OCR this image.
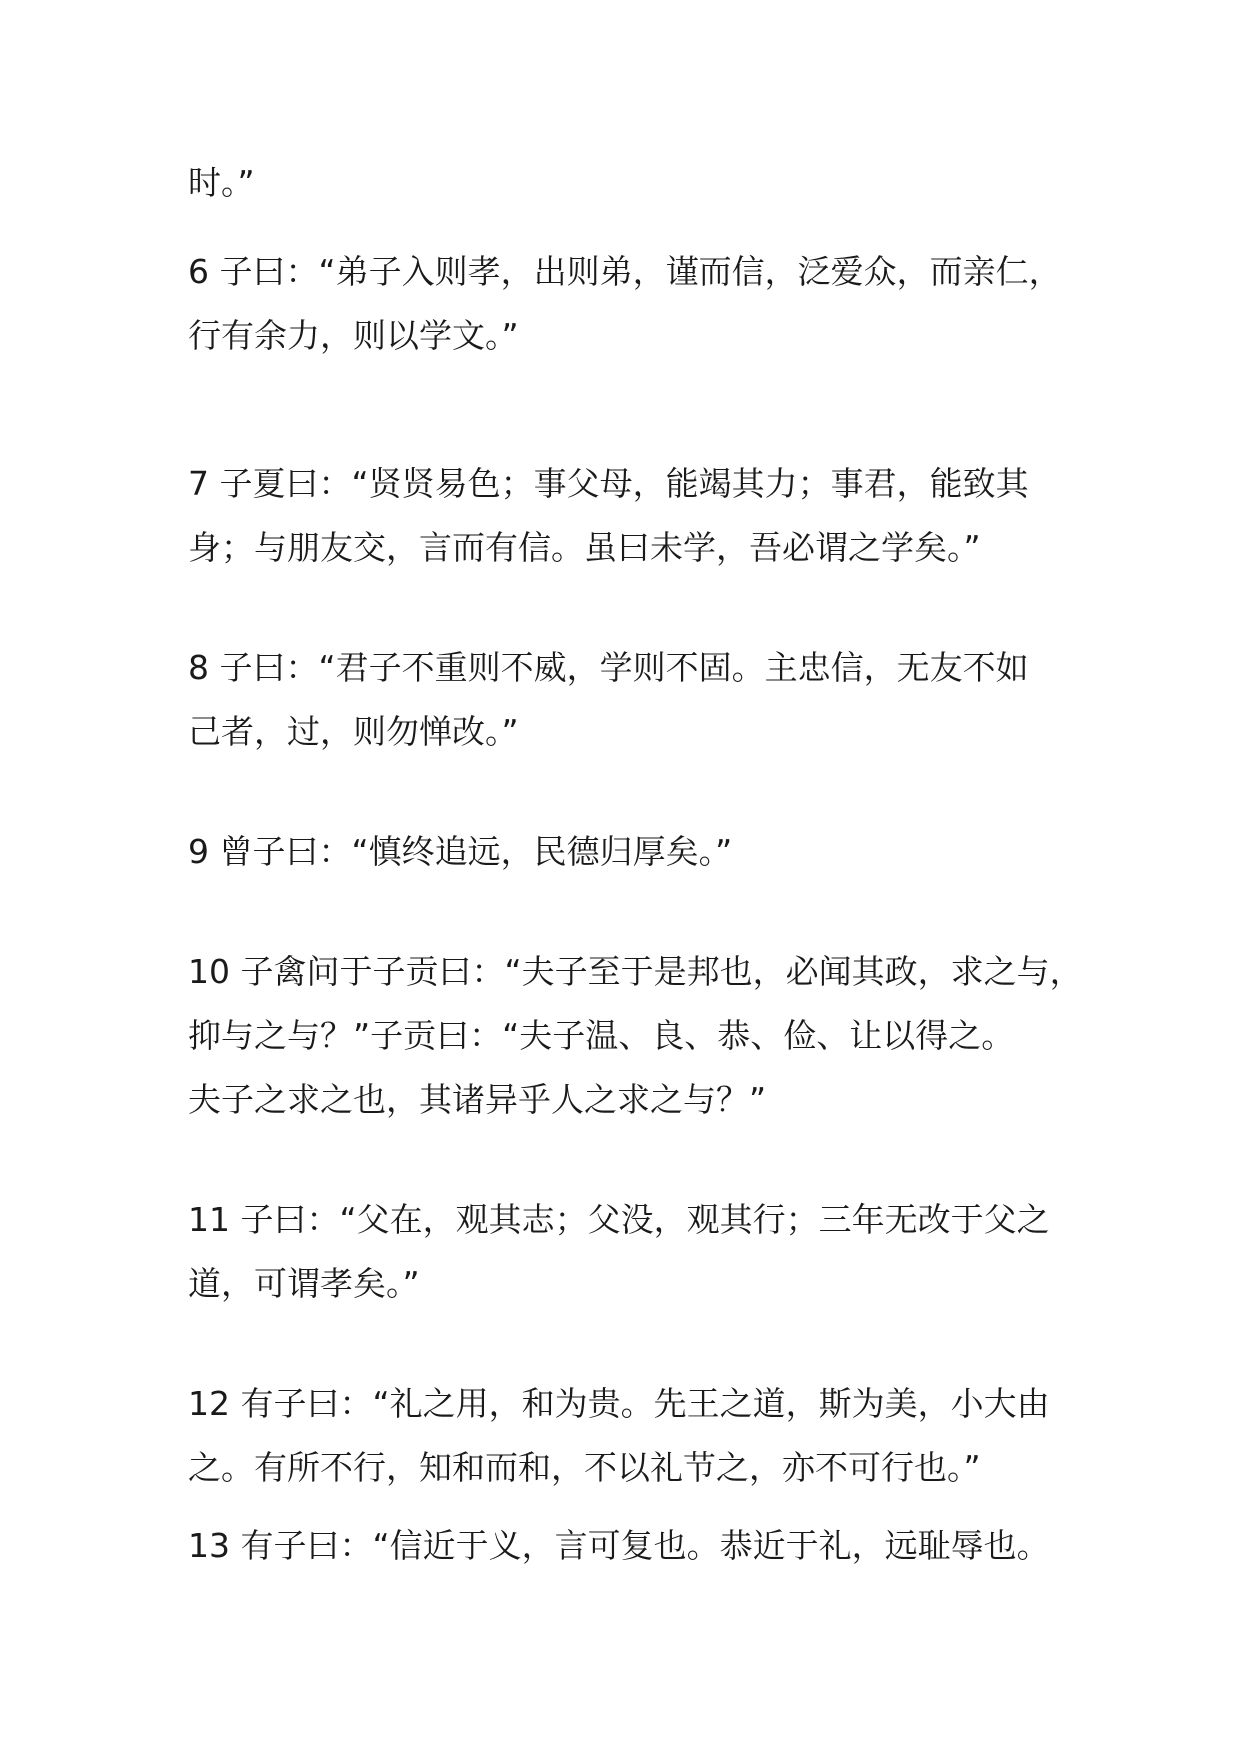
时。”
6 子曰：“弟子入则孝，出则弟，谨而信，泛爱众，而亲仁，
行有余力，则以学文。”
7 子夏曰：“贤贤易色；事父母，能竭其力；事君，能致其
身；与朋友交，言而有信。虽曰未学，吾必谓之学矣。”
8 子曰：“君子不重则不威，学则不固。主忠信，无友不如
己者，过，则勿惮改。”
9 曾子曰：“慎终追远，民德归厚矣。”
10 子禽问于子贡曰：“夫子至于是邦也，必闻其政，求之与，
抑与之与？”子贡曰：“夫子温、良、恭、俭、让以得之。
夫子之求之也，其诸异乎人之求之与？”
11 子曰：“父在，观其志；父没，观其行；三年无改于父之
道，可谓孝矣。”
12 有子曰：“礼之用，和为贵。先王之道，斯为美，小大由
之。有所不行，知和而和，不以礼节之，亦不可行也。”
13 有子曰：“信近于义，言可复也。恭近于礼，远耻辱也。
